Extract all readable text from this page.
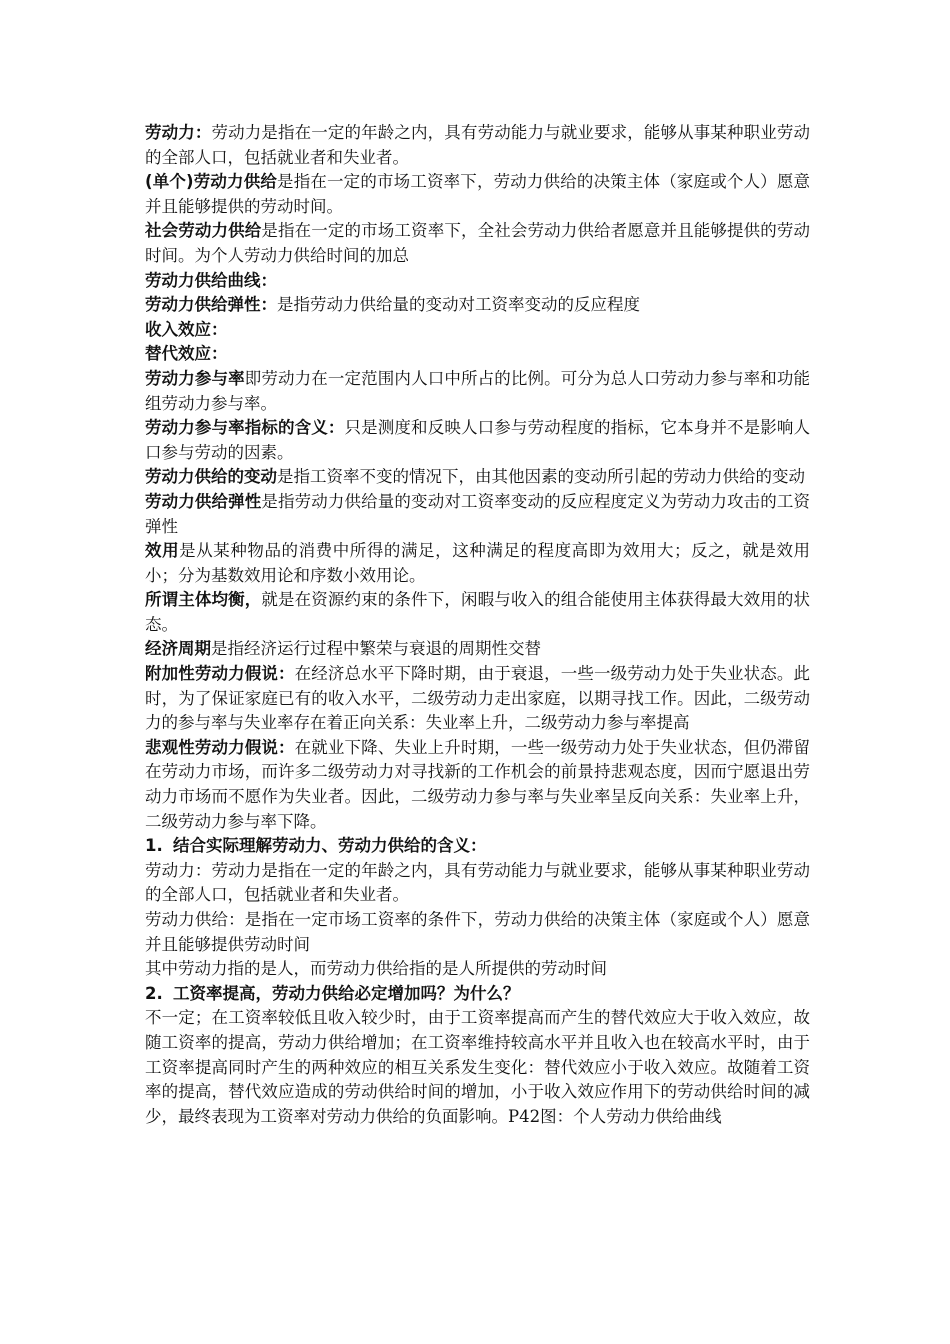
劳动力：劳动力是指在一定的年龄之内，具有劳动能力与就业要求，能够从事某种职业劳动的全部人口，包括就业者和失业者。

(单个)劳动力供给是指在一定的市场工资率下，劳动力供给的决策主体（家庭或个人）愿意并且能够提供的劳动时间。

社会劳动力供给是指在一定的市场工资率下，全社会劳动力供给者愿意并且能够提供的劳动时间。为个人劳动力供给时间的加总

劳动力供给曲线：

劳动力供给弹性：是指劳动力供给量的变动对工资率变动的反应程度

收入效应：

替代效应：

劳动力参与率即劳动力在一定范围内人口中所占的比例。可分为总人口劳动力参与率和功能组劳动力参与率。

劳动力参与率指标的含义：只是测度和反映人口参与劳动程度的指标，它本身并不是影响人口参与劳动的因素。

劳动力供给的变动是指工资率不变的情况下，由其他因素的变动所引起的劳动力供给的变动

劳动力供给弹性是指劳动力供给量的变动对工资率变动的反应程度定义为劳动力攻击的工资弹性

效用是从某种物品的消费中所得的满足，这种满足的程度高即为效用大；反之，就是效用小；分为基数效用论和序数小效用论。

所谓主体均衡，就是在资源约束的条件下，闲暇与收入的组合能使用主体获得最大效用的状态。

经济周期是指经济运行过程中繁荣与衰退的周期性交替

附加性劳动力假说：在经济总水平下降时期，由于衰退，一些一级劳动力处于失业状态。此时，为了保证家庭已有的收入水平，二级劳动力走出家庭，以期寻找工作。因此，二级劳动力的参与率与失业率存在着正向关系：失业率上升，二级劳动力参与率提高

悲观性劳动力假说：在就业下降、失业上升时期，一些一级劳动力处于失业状态，但仍滞留在劳动力市场，而许多二级劳动力对寻找新的工作机会的前景持悲观态度，因而宁愿退出劳动力市场而不愿作为失业者。因此，二级劳动力参与率与失业率呈反向关系：失业率上升，二级劳动力参与率下降。

1. 结合实际理解劳动力、劳动力供给的含义：

劳动力：劳动力是指在一定的年龄之内，具有劳动能力与就业要求，能够从事某种职业劳动的全部人口，包括就业者和失业者。

劳动力供给：是指在一定市场工资率的条件下，劳动力供给的决策主体（家庭或个人）愿意并且能够提供劳动时间

其中劳动力指的是人，而劳动力供给指的是人所提供的劳动时间

2. 工资率提高，劳动力供给必定增加吗？为什么？

不一定；在工资率较低且收入较少时，由于工资率提高而产生的替代效应大于收入效应，故随工资率的提高，劳动力供给增加；在工资率维持较高水平并且收入也在较高水平时，由于工资率提高同时产生的两种效应的相互关系发生变化：替代效应小于收入效应。故随着工资率的提高，替代效应造成的劳动供给时间的增加，小于收入效应作用下的劳动供给时间的减少，最终表现为工资率对劳动力供给的负面影响。P42图：个人劳动力供给曲线
